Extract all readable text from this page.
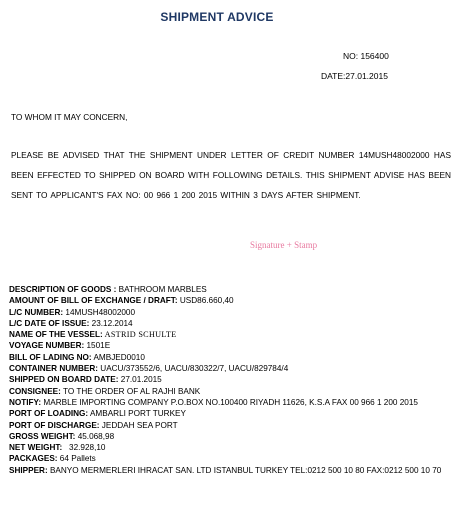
SHIPMENT ADVICE
NO: 156400
DATE:27.01.2015
TO WHOM IT MAY CONCERN,
PLEASE BE ADVISED THAT THE SHIPMENT UNDER LETTER OF CREDIT NUMBER 14MUSH48002000 HAS BEEN EFFECTED TO SHIPPED ON BOARD WITH FOLLOWING DETAILS. THIS SHIPMENT ADVISE HAS BEEN SENT TO APPLICANT'S FAX NO: 00 966 1 200 2015 WITHIN 3 DAYS AFTER SHIPMENT.
Signature + Stamp
DESCRIPTION OF GOODS : BATHROOM MARBLES
AMOUNT OF BILL OF EXCHANGE / DRAFT: USD86.660,40
L/C NUMBER: 14MUSH48002000
L/C DATE OF ISSUE: 23.12.2014
NAME OF THE VESSEL: ASTRID SCHULTE
VOYAGE NUMBER: 1501E
BILL OF LADING NO: AMBJED0010
CONTAINER NUMBER: UACU/373552/6, UACU/830322/7, UACU/829784/4
SHIPPED ON BOARD DATE: 27.01.2015
CONSIGNEE: TO THE ORDER OF AL RAJHI BANK
NOTIFY: MARBLE IMPORTING COMPANY P.O.BOX NO.100400 RIYADH 11626, K.S.A FAX 00 966 1 200 2015
PORT OF LOADING: AMBARLI PORT TURKEY
PORT OF DISCHARGE: JEDDAH SEA PORT
GROSS WEIGHT: 45.068,98
NET WEIGHT:   32.928,10
PACKAGES: 64 Pallets
SHIPPER: BANYO MERMERLERI IHRACAT SAN. LTD ISTANBUL TURKEY TEL:0212 500 10 80 FAX:0212 500 10 70
